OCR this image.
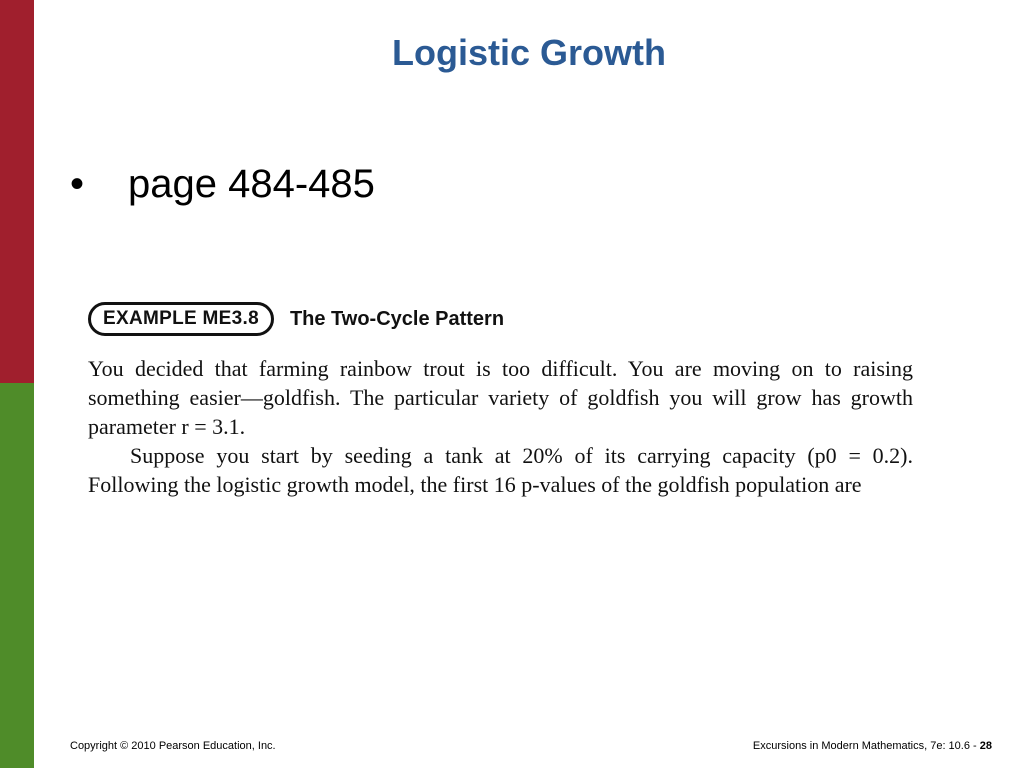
Logistic Growth
•	page 484-485
EXAMPLE ME3.8	The Two-Cycle Pattern

You decided that farming rainbow trout is too difficult. You are moving on to raising something easier—goldfish. The particular variety of goldfish you will grow has growth parameter r = 3.1.

Suppose you start by seeding a tank at 20% of its carrying capacity (p0 = 0.2). Following the logistic growth model, the first 16 p-values of the goldfish population are

Copyright © 2010 Pearson Education, Inc.	Excursions in Modern Mathematics, 7e: 10.6 - 28
